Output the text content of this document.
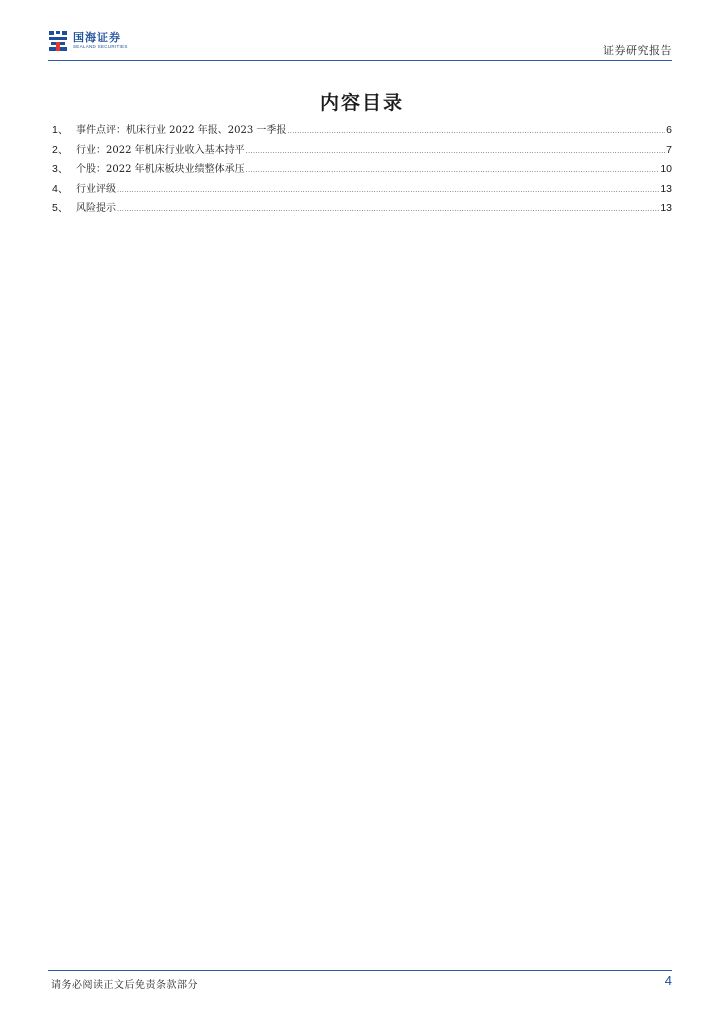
国海证券
SEALAND SECURITIES	证券研究报告
内容目录
1、 事件点评：机床行业 2022 年报、2023 一季报 .....	6
2、 行业：2022 年机床行业收入基本持平 .....	7
3、 个股：2022 年机床板块业绩整体承压 .....	10
4、 行业评级 .....	13
5、 风险提示 .....	13
请务必阅读正文后免责条款部分	4
